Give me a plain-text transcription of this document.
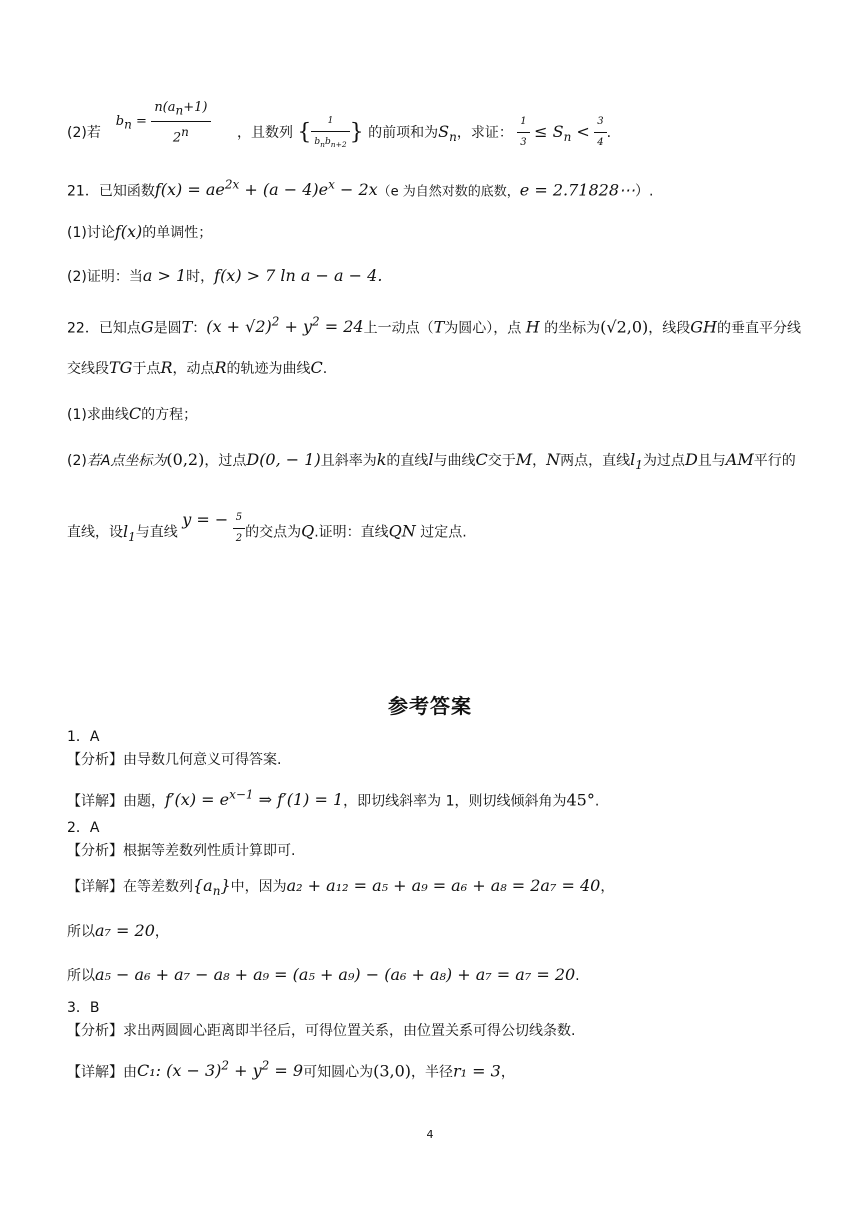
(2)若
$b_n = \frac{n(a_n+1)}{2^n}$ ，且数列 { $\frac{1}{b_nb_{n+2}}$ } 的前项和为$S_n$，求证： $\frac{1}{3} \le S_n < \frac{3}{4}$ .
21．已知函数$f(x) = ae^{2x} + (a - 4)e^x - 2x(e$ 为自然对数的底数，e = 2.71828⋯）.
(1)讨论f(x)的单调性；
(2)证明：当a > 1时，f(x) > 7 ln a − a − 4.
22．已知点G是圆T：$(x + √2)^2 + y^2 = 24$上一动点（T为圆心），点 H 的坐标为(√2,0)，线段GH的垂直平分线
交线段TG于点R，动点R的轨迹为曲线C.
(1)求曲线C的方程；
(2)若A点坐标为(0,2)，过点D(0, − 1)且斜率为k的直线l与曲线C交于M，N两点，直线$l_1$为过点D且与AM平行的
直线，设$l_1$与直线 y = − $\frac{5}{2}$ 的交点为Q.证明：直线QN 过定点.
参考答案
1．A
【分析】由导数几何意义可得答案.
【详解】由题，$f'(x) = e^{x-1}$ ⇒ f′(1) = 1，即切线斜率为 1，则切线倾斜角为45°.
2．A
【分析】根据等差数列性质计算即可.
【详解】在等差数列$\{a_n\}$中，因为a₂ + a₁₂ = a₅ + a₉ = a₆ + a₈ = 2a₇ = 40，
所以a₇ = 20，
所以a₅ − a₆ + a₇ − a₈ + a₉ = (a₅ + a₉) − (a₆ + a₈) + a₇ = a₇ = 20.
3．B
【分析】求出两圆圆心距离即半径后，可得位置关系，由位置关系可得公切线条数.
【详解】由C₁: $(x - 3)^2 + y^2 = 9$可知圆心为(3,0)，半径r₁ = 3，
4
